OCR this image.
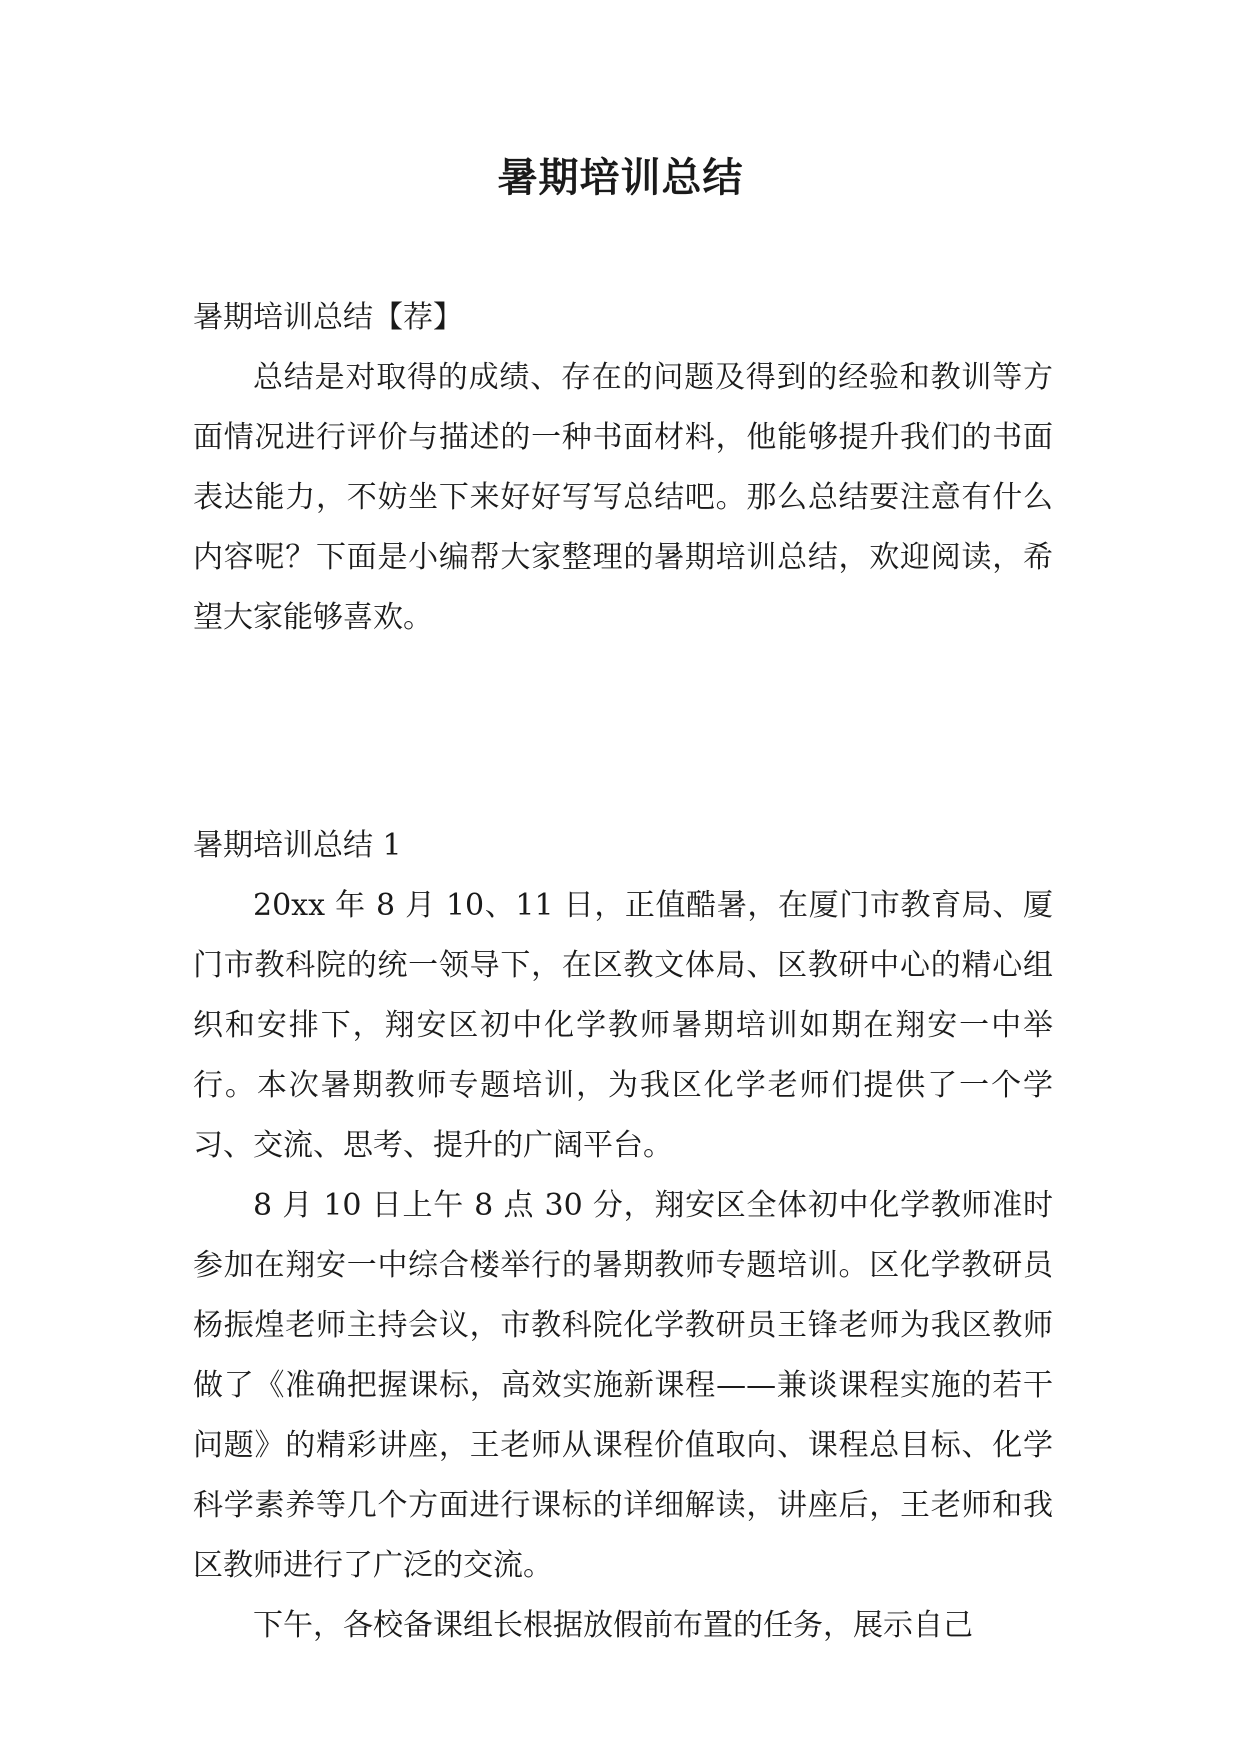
暑期培训总结

暑期培训总结【荐】

总结是对取得的成绩、存在的问题及得到的经验和教训等方面情况进行评价与描述的一种书面材料，他能够提升我们的书面表达能力，不妨坐下来好好写写总结吧。那么总结要注意有什么内容呢？下面是小编帮大家整理的暑期培训总结，欢迎阅读，希望大家能够喜欢。

暑期培训总结 1

20xx 年 8 月 10、11 日，正值酷暑，在厦门市教育局、厦门市教科院的统一领导下，在区教文体局、区教研中心的精心组织和安排下，翔安区初中化学教师暑期培训如期在翔安一中举行。本次暑期教师专题培训，为我区化学老师们提供了一个学习、交流、思考、提升的广阔平台。

8 月 10 日上午 8 点 30 分，翔安区全体初中化学教师准时参加在翔安一中综合楼举行的暑期教师专题培训。区化学教研员杨振煌老师主持会议，市教科院化学教研员王锋老师为我区教师做了《准确把握课标，高效实施新课程——兼谈课程实施的若干问题》的精彩讲座，王老师从课程价值取向、课程总目标、化学科学素养等几个方面进行课标的详细解读，讲座后，王老师和我区教师进行了广泛的交流。

下午，各校备课组长根据放假前布置的任务，展示自己
